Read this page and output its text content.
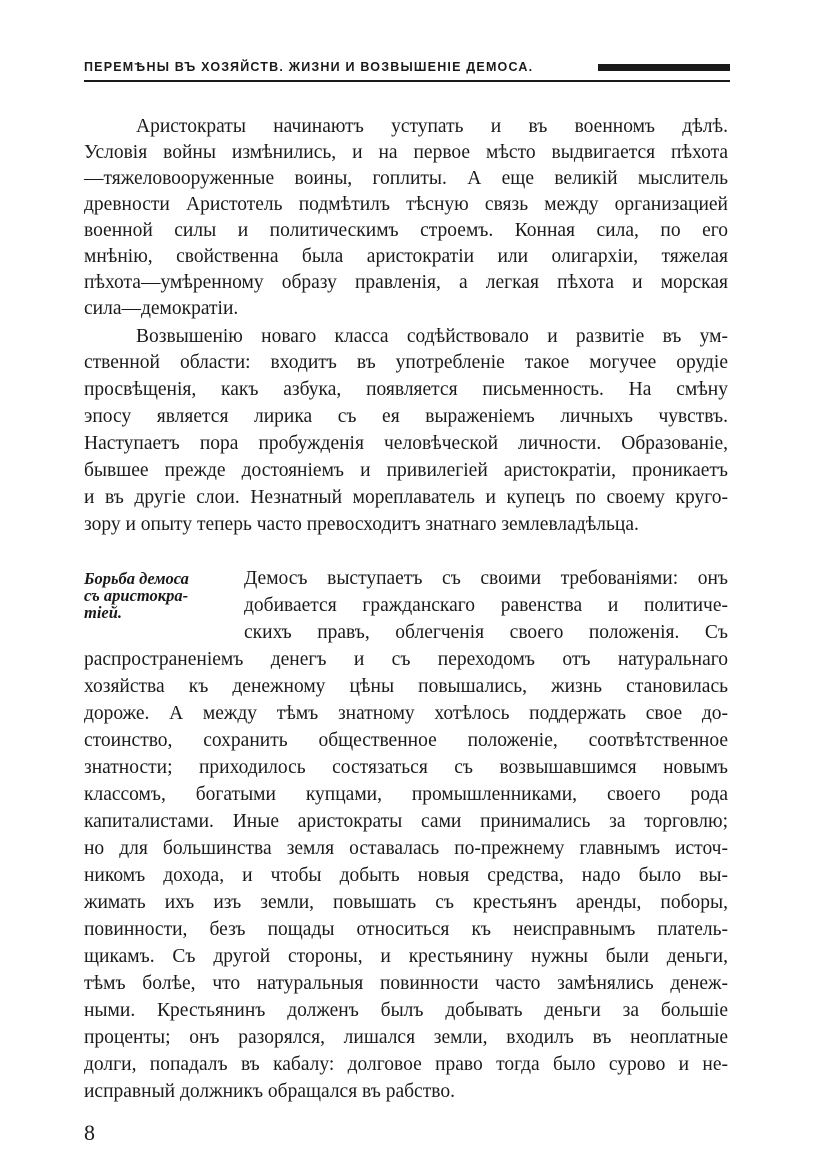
ПЕРЕМѢНЫ ВЪ ХОЗЯЙСТВ. ЖИЗНИ И ВОЗВЫШЕНІЕ ДЕМОСА.
Аристократы начинаютъ уступать и въ военномъ дѣлѣ.
Условія войны измѣнились, и на первое мѣсто выдвигается пѣхота
—тяжеловооруженные воины, гоплиты. А еще великій мыслитель
древности Аристотель подмѣтилъ тѣсную связь между организацией
военной силы и политическимъ строемъ. Конная сила, по его
мнѣнію, свойственна была аристократіи или олигархіи, тяжелая
пѣхота—умѣренному образу правленія, а легкая пѣхота и морская
сила—демократіи.
Возвышенію новаго класса содѣйствовало и развитіе въ ум-
ственной области: входитъ въ употребленіе такое могучее орудіе
просвѣщенія, какъ азбука, появляется письменность. На смѣну
эпосу является лирика съ ея выраженіемъ личныхъ чувствъ.
Наступаетъ пора пробужденія человѣческой личности. Образованіе,
бывшее прежде достояніемъ и привилегіей аристократіи, проникаетъ
и въ другіе слои. Незнатный мореплаватель и купецъ по своему круго-
зору и опыту теперь часто превосходитъ знатнаго землевладѣльца.
Борьба демоса
съ аристокра-
тіей.
Демосъ выступаетъ съ своими требованіями: онъ
добивается гражданскаго равенства и политиче-
скихъ правъ, облегченія своего положенія. Съ
распространеніемъ денегъ и съ переходомъ отъ натуральнаго
хозяйства къ денежному цѣны повышались, жизнь становилась
дороже. А между тѣмъ знатному хотѣлось поддержать свое до-
стоинство, сохранить общественное положеніе, соотвѣтственное
знатности; приходилось состязаться съ возвышавшимся новымъ
классомъ, богатыми купцами, промышленниками, своего рода
капиталистами. Иные аристократы сами принимались за торговлю;
но для большинства земля оставалась по-прежнему главнымъ источ-
никомъ дохода, и чтобы добыть новыя средства, надо было вы-
жимать ихъ изъ земли, повышать съ крестьянъ аренды, поборы,
повинности, безъ пощады относиться къ неисправнымъ платель-
щикамъ. Съ другой стороны, и крестьянину нужны были деньги,
тѣмъ болѣе, что натуральныя повинности часто замѣнялись денеж-
ными. Крестьянинъ долженъ былъ добывать деньги за большіе
проценты; онъ разорялся, лишался земли, входилъ въ неоплатные
долги, попадалъ въ кабалу: долговое право тогда было сурово и не-
исправный должникъ обращался въ рабство.
8
